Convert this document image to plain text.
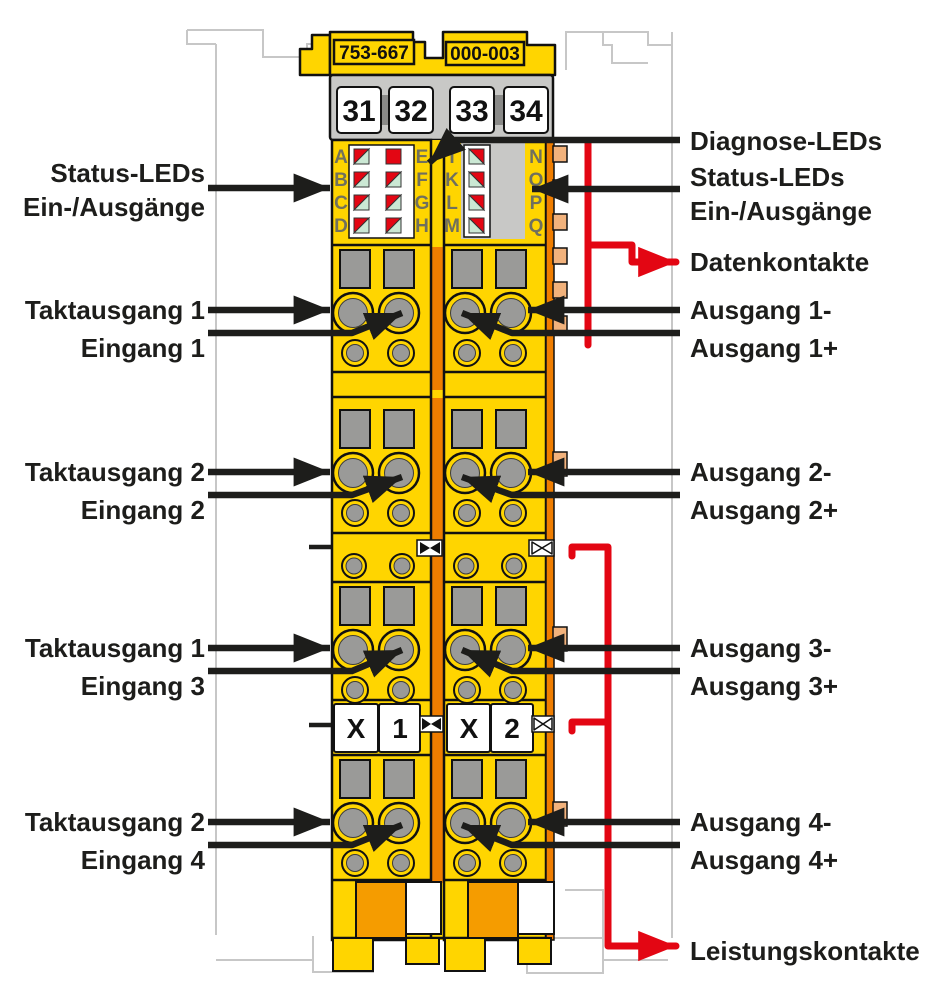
753-667 000-003
31 32 33 34
A
B
C
D
E
F
G
H
I
K
L
M
N
O
P
Q
X 1 X 2
Status-LEDs
Ein-/Ausgänge
Taktausgang 1
Eingang 1
Taktausgang 2
Eingang 2
Taktausgang 1
Eingang 3
Taktausgang 2
Eingang 4
Diagnose-LEDs
Status-LEDs
Ein-/Ausgänge
Datenkontakte
Ausgang 1-
Ausgang 1+
Ausgang 2-
Ausgang 2+
Ausgang 3-
Ausgang 3+
Ausgang 4-
Ausgang 4+
Leistungskontakte
